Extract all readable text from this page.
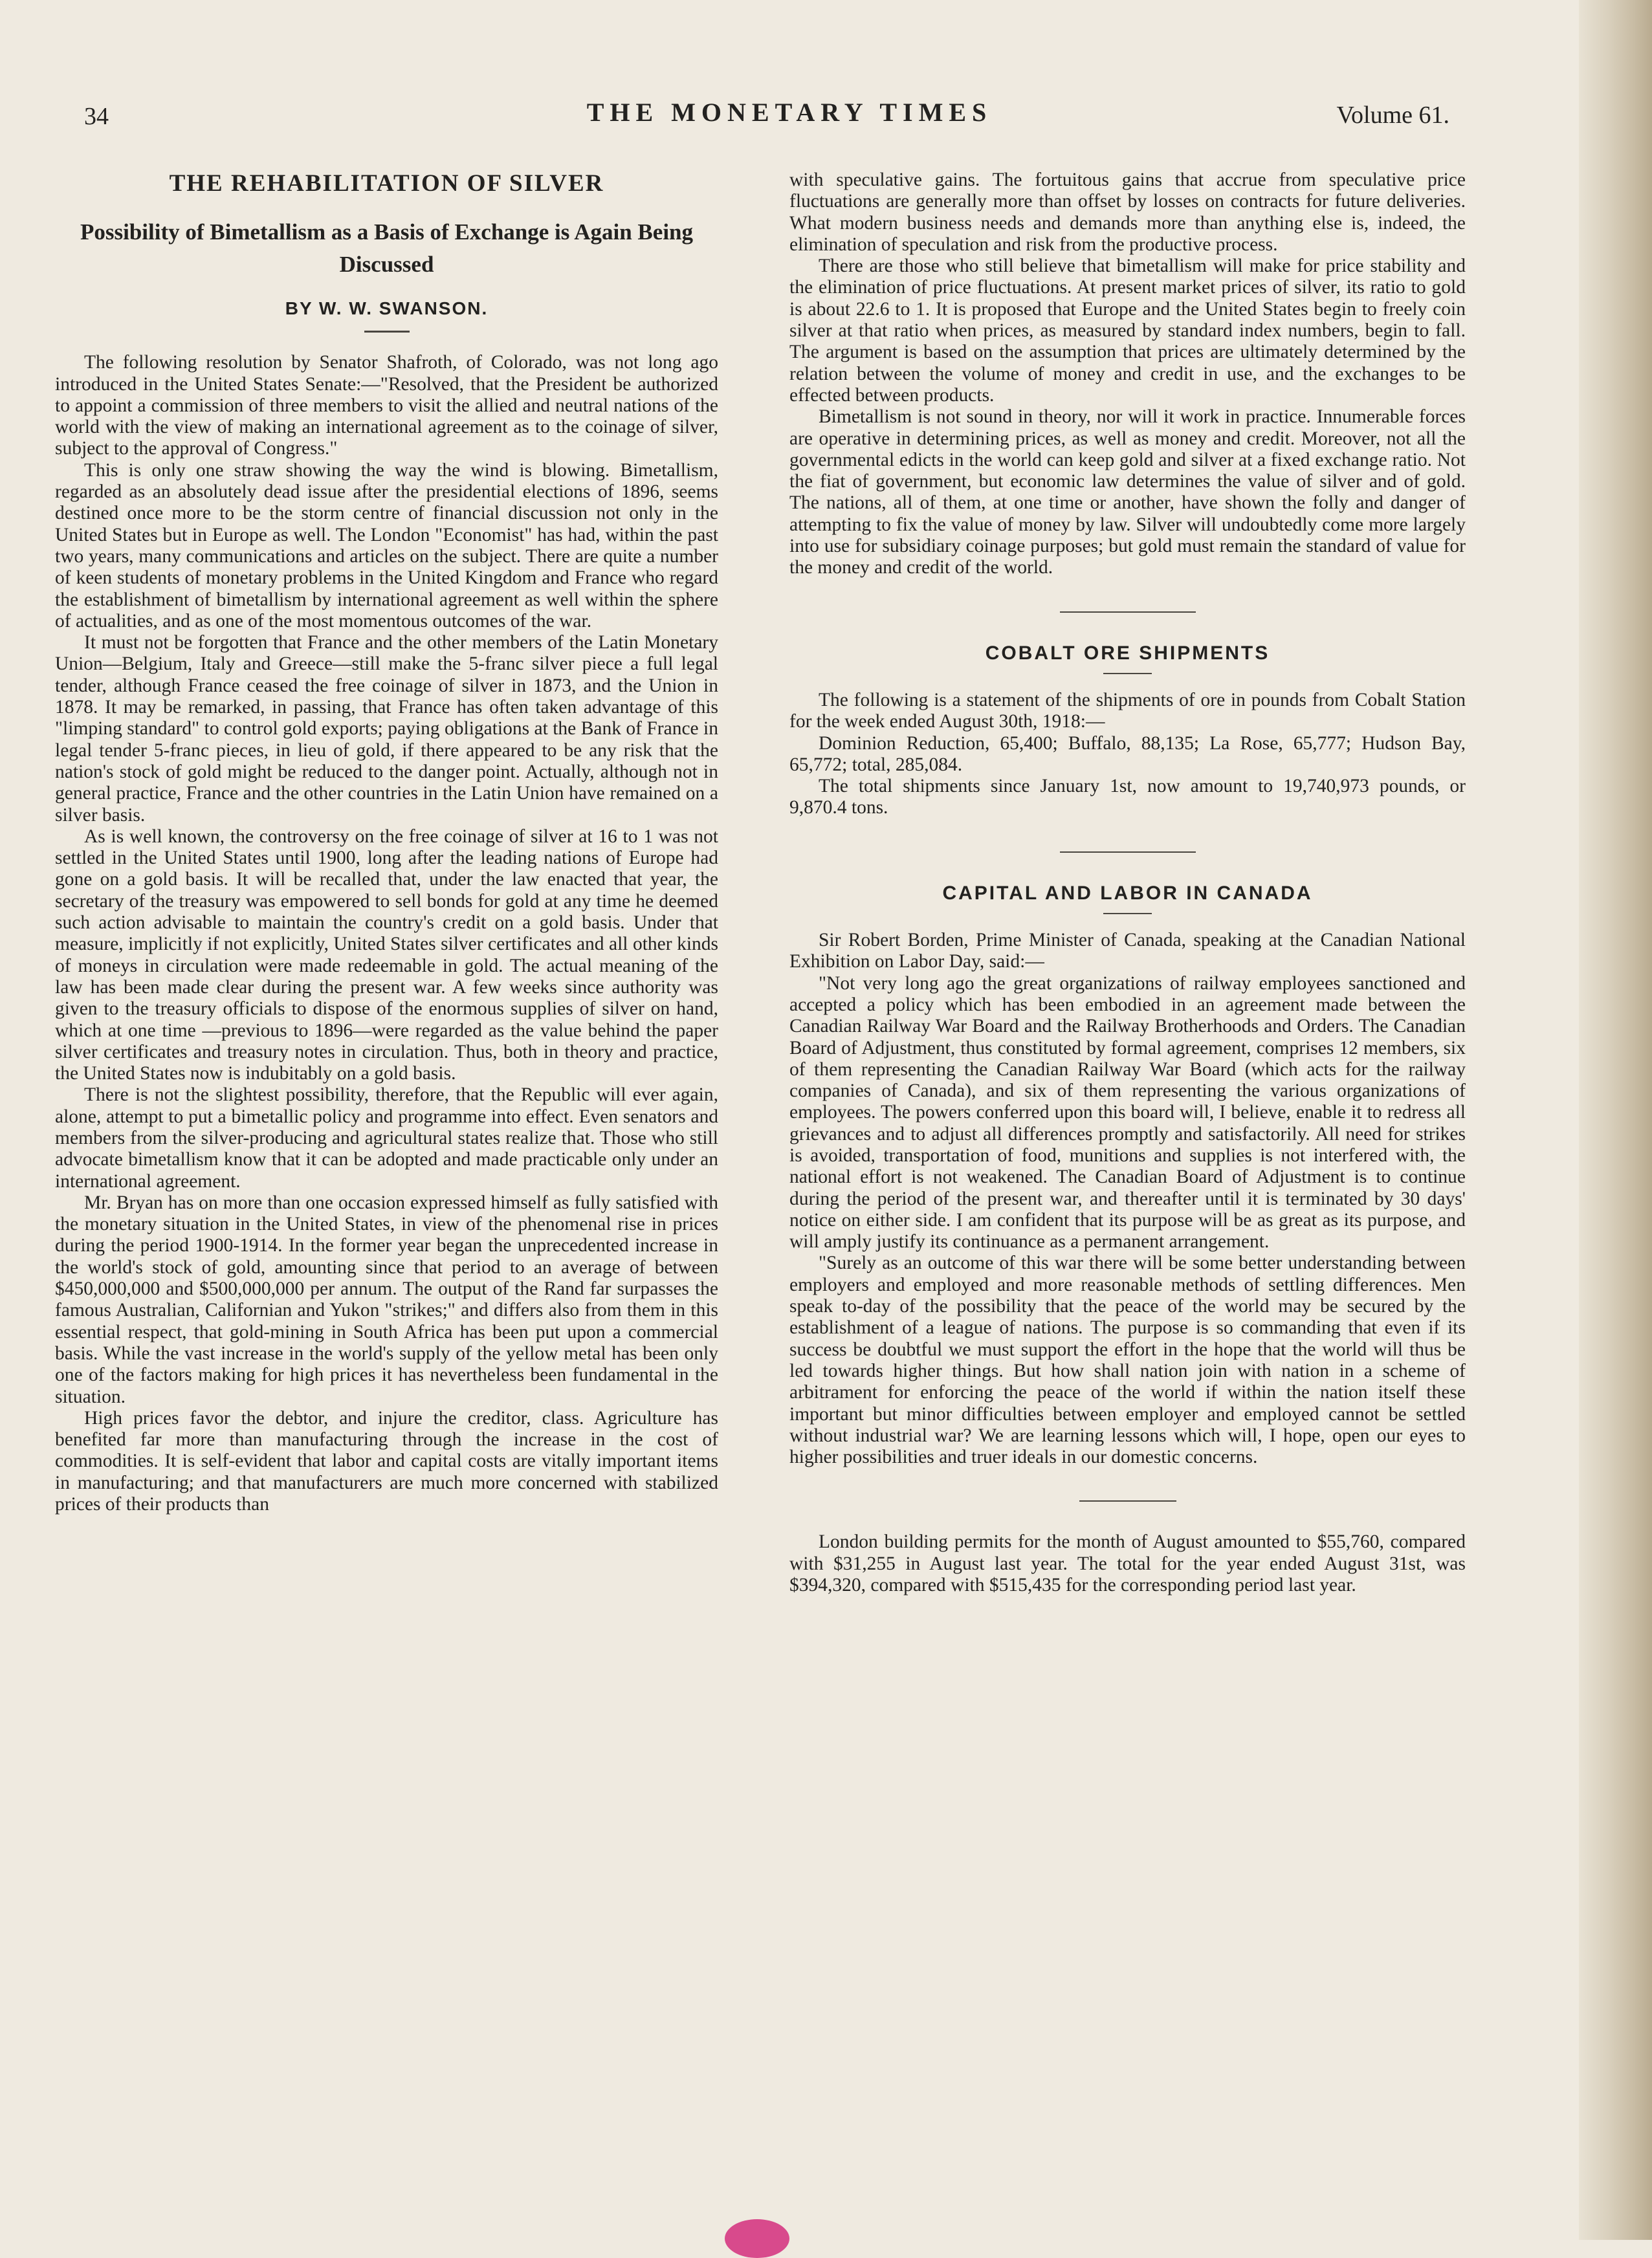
34	THE MONETARY TIMES	Volume 61.
THE REHABILITATION OF SILVER
Possibility of Bimetallism as a Basis of Exchange is Again Being Discussed
BY W. W. SWANSON.

The following resolution by Senator Shafroth, of Colorado, was not long ago introduced in the United States Senate:—"Resolved, that the President be authorized to appoint a commission of three members to visit the allied and neutral nations of the world with the view of making an international agreement as to the coinage of silver, subject to the approval of Congress."

This is only one straw showing the way the wind is blowing. Bimetallism, regarded as an absolutely dead issue after the presidential elections of 1896, seems destined once more to be the storm centre of financial discussion not only in the United States but in Europe as well. The London "Economist" has had, within the past two years, many communications and articles on the subject. There are quite a number of keen students of monetary problems in the United Kingdom and France who regard the establishment of bimetallism by international agreement as well within the sphere of actualities, and as one of the most momentous outcomes of the war.

It must not be forgotten that France and the other members of the Latin Monetary Union—Belgium, Italy and Greece—still make the 5-franc silver piece a full legal tender, although France ceased the free coinage of silver in 1873, and the Union in 1878. It may be remarked, in passing, that France has often taken advantage of this "limping standard" to control gold exports; paying obligations at the Bank of France in legal tender 5-franc pieces, in lieu of gold, if there appeared to be any risk that the nation's stock of gold might be reduced to the danger point. Actually, although not in general practice, France and the other countries in the Latin Union have remained on a silver basis.

As is well known, the controversy on the free coinage of silver at 16 to 1 was not settled in the United States until 1900, long after the leading nations of Europe had gone on a gold basis. It will be recalled that, under the law enacted that year, the secretary of the treasury was empowered to sell bonds for gold at any time he deemed such action advisable to maintain the country's credit on a gold basis. Under that measure, implicitly if not explicitly, United States silver certificates and all other kinds of moneys in circulation were made redeemable in gold. The actual meaning of the law has been made clear during the present war. A few weeks since authority was given to the treasury officials to dispose of the enormous supplies of silver on hand, which at one time —previous to 1896—were regarded as the value behind the paper silver certificates and treasury notes in circulation. Thus, both in theory and practice, the United States now is indubitably on a gold basis.

There is not the slightest possibility, therefore, that the Republic will ever again, alone, attempt to put a bimetallic policy and programme into effect. Even senators and members from the silver-producing and agricultural states realize that. Those who still advocate bimetallism know that it can be adopted and made practicable only under an international agreement.

Mr. Bryan has on more than one occasion expressed himself as fully satisfied with the monetary situation in the United States, in view of the phenomenal rise in prices during the period 1900-1914. In the former year began the unprecedented increase in the world's stock of gold, amounting since that period to an average of between $450,000,000 and $500,000,000 per annum. The output of the Rand far surpasses the famous Australian, Californian and Yukon "strikes;" and differs also from them in this essential respect, that gold-mining in South Africa has been put upon a commercial basis. While the vast increase in the world's supply of the yellow metal has been only one of the factors making for high prices it has nevertheless been fundamental in the situation.

High prices favor the debtor, and injure the creditor, class. Agriculture has benefited far more than manufacturing through the increase in the cost of commodities. It is self-evident that labor and capital costs are vitally important items in manufacturing; and that manufacturers are much more concerned with stabilized prices of their products than

with speculative gains. The fortuitous gains that accrue from speculative price fluctuations are generally more than offset by losses on contracts for future deliveries. What modern business needs and demands more than anything else is, indeed, the elimination of speculation and risk from the productive process.

There are those who still believe that bimetallism will make for price stability and the elimination of price fluctuations. At present market prices of silver, its ratio to gold is about 22.6 to 1. It is proposed that Europe and the United States begin to freely coin silver at that ratio when prices, as measured by standard index numbers, begin to fall. The argument is based on the assumption that prices are ultimately determined by the relation between the volume of money and credit in use, and the exchanges to be effected between products.

Bimetallism is not sound in theory, nor will it work in practice. Innumerable forces are operative in determining prices, as well as money and credit. Moreover, not all the governmental edicts in the world can keep gold and silver at a fixed exchange ratio. Not the fiat of government, but economic law determines the value of silver and of gold. The nations, all of them, at one time or another, have shown the folly and danger of attempting to fix the value of money by law. Silver will undoubtedly come more largely into use for subsidiary coinage purposes; but gold must remain the standard of value for the money and credit of the world.

COBALT ORE SHIPMENTS

The following is a statement of the shipments of ore in pounds from Cobalt Station for the week ended August 30th, 1918:—

Dominion Reduction, 65,400; Buffalo, 88,135; La Rose, 65,777; Hudson Bay, 65,772; total, 285,084.

The total shipments since January 1st, now amount to 19,740,973 pounds, or 9,870.4 tons.

CAPITAL AND LABOR IN CANADA

Sir Robert Borden, Prime Minister of Canada, speaking at the Canadian National Exhibition on Labor Day, said:—

"Not very long ago the great organizations of railway employees sanctioned and accepted a policy which has been embodied in an agreement made between the Canadian Railway War Board and the Railway Brotherhoods and Orders. The Canadian Board of Adjustment, thus constituted by formal agreement, comprises 12 members, six of them representing the Canadian Railway War Board (which acts for the railway companies of Canada), and six of them representing the various organizations of employees. The powers conferred upon this board will, I believe, enable it to redress all grievances and to adjust all differences promptly and satisfactorily. All need for strikes is avoided, transportation of food, munitions and supplies is not interfered with, the national effort is not weakened. The Canadian Board of Adjustment is to continue during the period of the present war, and thereafter until it is terminated by 30 days' notice on either side. I am confident that its purpose will be as great as its purpose, and will amply justify its continuance as a permanent arrangement.

"Surely as an outcome of this war there will be some better understanding between employers and employed and more reasonable methods of settling differences. Men speak to-day of the possibility that the peace of the world may be secured by the establishment of a league of nations. The purpose is so commanding that even if its success be doubtful we must support the effort in the hope that the world will thus be led towards higher things. But how shall nation join with nation in a scheme of arbitrament for enforcing the peace of the world if within the nation itself these important but minor difficulties between employer and employed cannot be settled without industrial war? We are learning lessons which will, I hope, open our eyes to higher possibilities and truer ideals in our domestic concerns.

London building permits for the month of August amounted to $55,760, compared with $31,255 in August last year. The total for the year ended August 31st, was $394,320, compared with $515,435 for the corresponding period last year.
